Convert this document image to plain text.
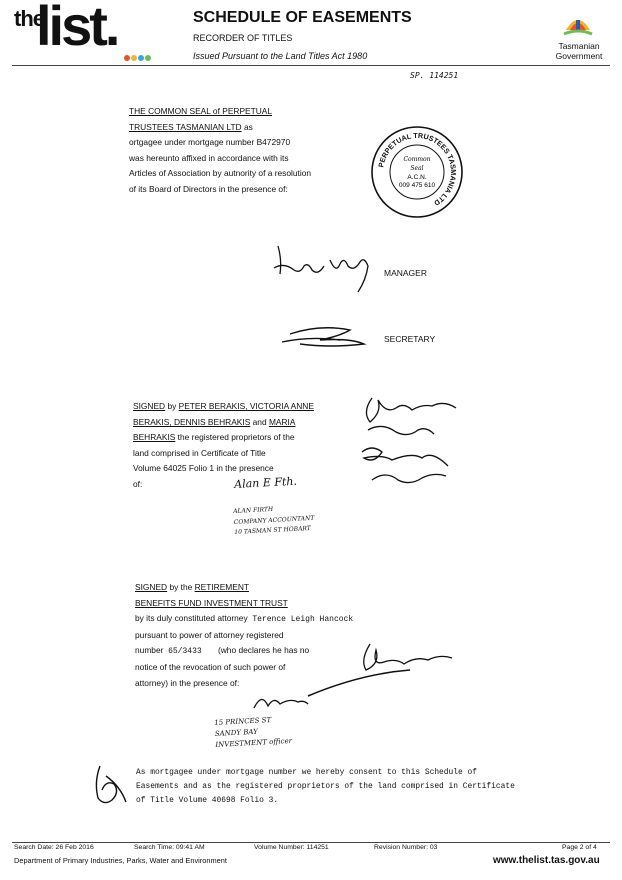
the
list.	SCHEDULE OF EASEMENTS
RECORDER OF TITLES
Issued Pursuant to the Land Titles Act 1980
Tasmanian
Government
SP. 114251
THE COMMON SEAL of PERPETUAL
TRUSTEES TASMANIAN LTD as
ortgagee under mortgage number B472970
was hereunto affixed in accordance with its
Articles of Association by autnority of a resolution
of its Board of Directors in the presence of:
PERPETUAL TRUSTEES TASMANIA LTD
Common
Seal
A.C.N.
009 475 610
MANAGER
SECRETARY
SIGNED by PETER BERAKIS, VICTORIA ANNE
BERAKIS, DENNIS BEHRAKIS and MARIA
BEHRAKIS the registered proprietors of the
land comprised in Certificate of Title
Volume 64025 Folio 1 in the presence
of:	Alan E Fth.
ALAN FIRTH
COMPANY ACCOUNTANT
10 TASMAN ST HOBART
SIGNED by the RETIREMENT
BENEFITS FUND INVESTMENT TRUST
by its duly constituted attorney Terence Leigh Hancock
pursuant to power of attorney registered
number 65/3433 (who declares he has no
notice of the revocation of such power of
attorney) in the presence of:
15 PRINCES ST
SANDY BAY
INVESTMENT officer
As mortgagee under mortgage number we hereby consent to this Schedule of
Easements and as the registered proprietors of the land comprised in Certificate
of Title Volume 40698 Folio 3.
Search Date: 26 Feb 2016	Search Time: 09:41 AM	Volume Number: 114251	Revision Number: 03	Page 2 of 4
Department of Primary Industries, Parks, Water and Environment	www.thelist.tas.gov.au
